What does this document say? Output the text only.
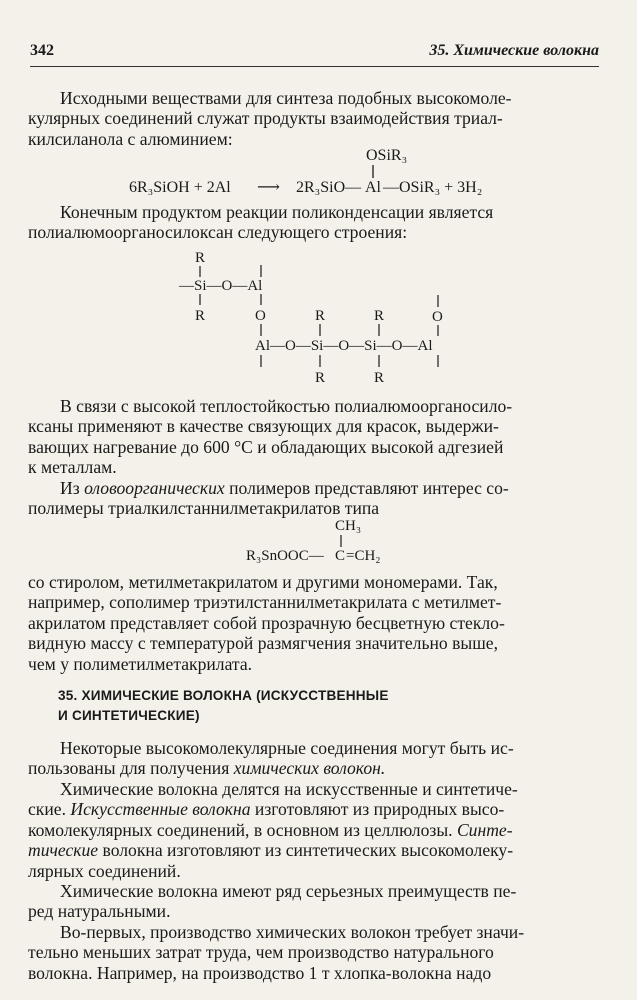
342	35. Химические волокна

Исходными веществами для синтеза подобных высокомоле-

кулярных соединений служат продукты взаимодействия триал-

килсиланола с алюминием:

OSiR₃
6R₃SiOH + 2Al ⟶ 2R₃SiO— Al —OSiR₃ + 3H₂

Конечным продуктом реакции поликонденсации является

полиалюмоорганосилоксан следующего строения:

R
—Si—O—Al
R	O	R	R	O
Al—O—Si—O—Si—O—Al
R	R

В связи с высокой теплостойкостью полиалюмоорганосило-

ксаны применяют в качестве связующих для красок, выдержи-

вающих нагревание до 600 °С и обладающих высокой адгезией

к металлам.

Из оловоорганических полимеров представляют интерес со-

полимеры триалкилстаннилметакрилатов типа

CH₃
R₃SnOOC— C =CH₂

со стиролом, метилметакрилатом и другими мономерами. Так,

например, сополимер триэтилстаннилметакрилата с метилмет-

акрилатом представляет собой прозрачную бесцветную стекло-

видную массу с температурой размягчения значительно выше,

чем у полиметилметакрилата.

35. ХИМИЧЕСКИЕ ВОЛОКНА (ИСКУССТВЕННЫЕ
И СИНТЕТИЧЕСКИЕ)

Некоторые высокомолекулярные соединения могут быть ис-

пользованы для получения химических волокон.

Химические волокна делятся на искусственные и синтетиче-

ские. Искусственные волокна изготовляют из природных высо-

комолекулярных соединений, в основном из целлюлозы. Синте-

тические волокна изготовляют из синтетических высокомолеку-

лярных соединений.

Химические волокна имеют ряд серьезных преимуществ пе-

ред натуральными.

Во-первых, производство химических волокон требует значи-

тельно меньших затрат труда, чем производство натурального

волокна. Например, на производство 1 т хлопка-волокна надо
